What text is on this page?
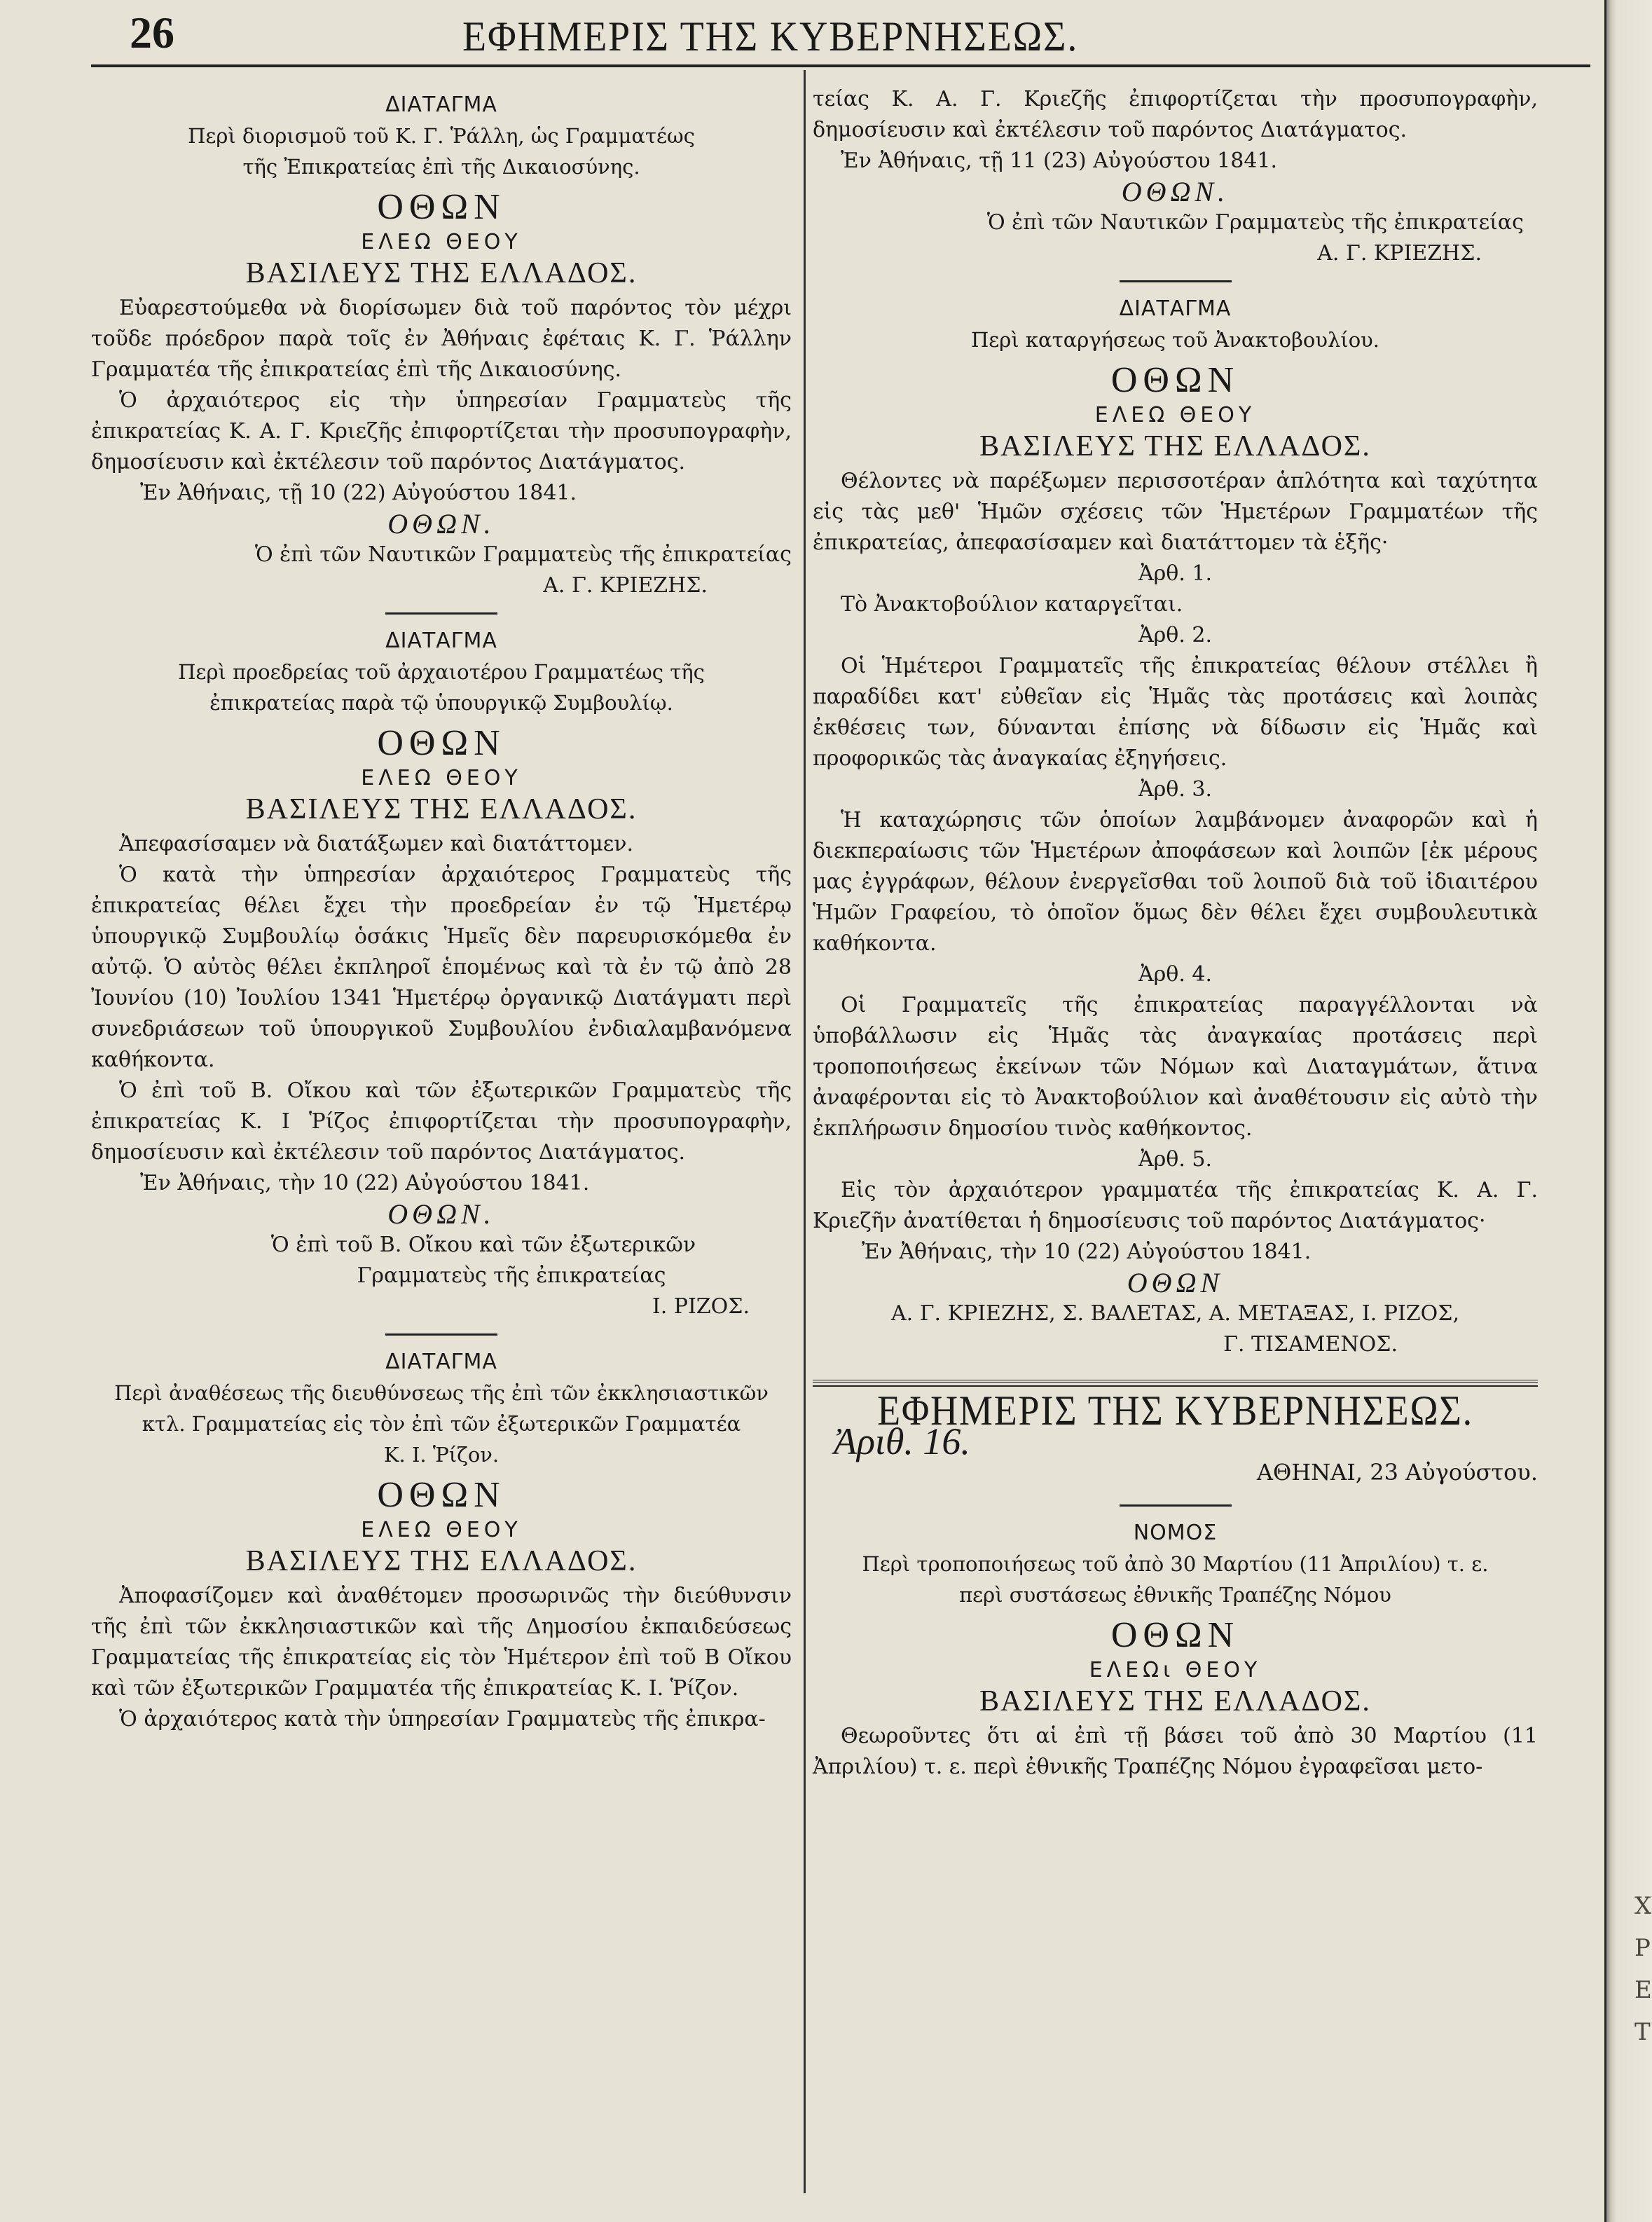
26	ΕΦΗΜΕΡΙΣ ΤΗΣ ΚΥΒΕΡΝΗΣΕΩΣ.
ΔΙΑΤΑΓΜΑ
Περὶ διορισμοῦ τοῦ Κ. Γ. Ῥάλλη, ὡς Γραμματέως
τῆς Ἐπικρατείας ἐπὶ τῆς Δικαιοσύνης.
ΟΘΩΝ
ΕΛΕΩ ΘΕΟΥ
ΒΑΣΙΛΕΥΣ ΤΗΣ ΕΛΛΑΔΟΣ.

Εὐαρεστούμεθα νὰ διορίσωμεν διὰ τοῦ παρόντος τὸν μέχρι τοῦδε πρόεδρον παρὰ τοῖς ἐν Ἀθήναις ἐφέταις Κ. Γ. Ῥάλλην Γραμματέα τῆς ἐπικρατείας ἐπὶ τῆς Δικαιοσύνης.

Ὁ ἀρχαιότερος εἰς τὴν ὑπηρεσίαν Γραμματεὺς τῆς ἐπικρατείας Κ. Α. Γ. Κριεζῆς ἐπιφορτίζεται τὴν προσυπογραφὴν, δημοσίευσιν καὶ ἐκτέλεσιν τοῦ παρόντος Διατάγματος.

Ἐν Ἀθήναις, τῇ 10 (22) Αὐγούστου 1841.

ΟΘΩΝ.

Ὁ ἐπὶ τῶν Ναυτικῶν Γραμματεὺς τῆς ἐπικρατείας

Α. Γ. ΚΡΙΕΖΗΣ.

ΔΙΑΤΑΓΜΑ
Περὶ προεδρείας τοῦ ἀρχαιοτέρου Γραμματέως τῆς
ἐπικρατείας παρὰ τῷ ὑπουργικῷ Συμβουλίῳ.
ΟΘΩΝ
ΕΛΕΩ ΘΕΟΥ
ΒΑΣΙΛΕΥΣ ΤΗΣ ΕΛΛΑΔΟΣ.

Ἀπεφασίσαμεν νὰ διατάξωμεν καὶ διατάττομεν.

Ὁ κατὰ τὴν ὑπηρεσίαν ἀρχαιότερος Γραμματεὺς τῆς ἐπικρατείας θέλει ἔχει τὴν προεδρείαν ἐν τῷ Ἡμετέρῳ ὑπουργικῷ Συμβουλίῳ ὁσάκις Ἡμεῖς δὲν παρευρισκόμεθα ἐν αὐτῷ. Ὁ αὐτὸς θέλει ἐκπληροῖ ἑπομένως καὶ τὰ ἐν τῷ ἀπὸ 28 Ἰουνίου (10) Ἰουλίου 1341 Ἡμετέρῳ ὀργανικῷ Διατάγματι περὶ συνεδριάσεων τοῦ ὑπουργικοῦ Συμβουλίου ἐνδιαλαμβανόμενα καθήκοντα.

Ὁ ἐπὶ τοῦ Β. Οἴκου καὶ τῶν ἐξωτερικῶν Γραμματεὺς τῆς ἐπικρατείας Κ. Ι Ῥίζος ἐπιφορτίζεται τὴν προσυπογραφὴν, δημοσίευσιν καὶ ἐκτέλεσιν τοῦ παρόντος Διατάγματος.

Ἐν Ἀθήναις, τὴν 10 (22) Αὐγούστου 1841.

ΟΘΩΝ.

Ὁ ἐπὶ τοῦ Β. Οἴκου καὶ τῶν ἐξωτερικῶν

Γραμματεὺς τῆς ἐπικρατείας

Ι. ΡΙΖΟΣ.

ΔΙΑΤΑΓΜΑ
Περὶ ἀναθέσεως τῆς διευθύνσεως τῆς ἐπὶ τῶν ἐκκλησιαστικῶν
κτλ. Γραμματείας εἰς τὸν ἐπὶ τῶν ἐξωτερικῶν Γραμματέα
Κ. Ι. Ῥίζον.
ΟΘΩΝ
ΕΛΕΩ ΘΕΟΥ
ΒΑΣΙΛΕΥΣ ΤΗΣ ΕΛΛΑΔΟΣ.

Ἀποφασίζομεν καὶ ἀναθέτομεν προσωρινῶς τὴν διεύθυνσιν τῆς ἐπὶ τῶν ἐκκλησιαστικῶν καὶ τῆς Δημοσίου ἐκπαιδεύσεως Γραμματείας τῆς ἐπικρατείας εἰς τὸν Ἡμέτερον ἐπὶ τοῦ Β Οἴκου καὶ τῶν ἐξωτερικῶν Γραμματέα τῆς ἐπικρατείας Κ. Ι. Ῥίζον.

Ὁ ἀρχαιότερος κατὰ τὴν ὑπηρεσίαν Γραμματεὺς τῆς ἐπικρα-

τείας Κ. Α. Γ. Κριεζῆς ἐπιφορτίζεται τὴν προσυπογραφὴν, δημοσίευσιν καὶ ἐκτέλεσιν τοῦ παρόντος Διατάγματος.

Ἐν Ἀθήναις, τῇ 11 (23) Αὐγούστου 1841.

ΟΘΩΝ.

Ὁ ἐπὶ τῶν Ναυτικῶν Γραμματεὺς τῆς ἐπικρατείας

Α. Γ. ΚΡΙΕΖΗΣ.

ΔΙΑΤΑΓΜΑ
Περὶ καταργήσεως τοῦ Ἀνακτοβουλίου.
ΟΘΩΝ
ΕΛΕΩ ΘΕΟΥ
ΒΑΣΙΛΕΥΣ ΤΗΣ ΕΛΛΑΔΟΣ.

Θέλοντες νὰ παρέξωμεν περισσοτέραν ἁπλότητα καὶ ταχύτητα εἰς τὰς μεθ' Ἡμῶν σχέσεις τῶν Ἡμετέρων Γραμματέων τῆς ἐπικρατείας, ἀπεφασίσαμεν καὶ διατάττομεν τὰ ἑξῆς·

Ἀρθ. 1.

Τὸ Ἀνακτοβούλιον καταργεῖται.

Ἀρθ. 2.

Οἱ Ἡμέτεροι Γραμματεῖς τῆς ἐπικρατείας θέλουν στέλλει ἢ παραδίδει κατ' εὐθεῖαν εἰς Ἡμᾶς τὰς προτάσεις καὶ λοιπὰς ἐκθέσεις των, δύνανται ἐπίσης νὰ δίδωσιν εἰς Ἡμᾶς καὶ προφορικῶς τὰς ἀναγκαίας ἐξηγήσεις.

Ἀρθ. 3.

Ἡ καταχώρησις τῶν ὁποίων λαμβάνομεν ἀναφορῶν καὶ ἡ διεκπεραίωσις τῶν Ἡμετέρων ἀποφάσεων καὶ λοιπῶν [ἐκ μέρους μας ἐγγράφων, θέλουν ἐνεργεῖσθαι τοῦ λοιποῦ διὰ τοῦ ἰδιαιτέρου Ἡμῶν Γραφείου, τὸ ὁποῖον ὅμως δὲν θέλει ἔχει συμβουλευτικὰ καθήκοντα.

Ἀρθ. 4.

Οἱ Γραμματεῖς τῆς ἐπικρατείας παραγγέλλονται νὰ ὑποβάλλωσιν εἰς Ἡμᾶς τὰς ἀναγκαίας προτάσεις περὶ τροποποιήσεως ἐκείνων τῶν Νόμων καὶ Διαταγμάτων, ἅτινα ἀναφέρονται εἰς τὸ Ἀνακτοβούλιον καὶ ἀναθέτουσιν εἰς αὐτὸ τὴν ἐκπλήρωσιν δημοσίου τινὸς καθήκοντος.

Ἀρθ. 5.

Εἰς τὸν ἀρχαιότερον γραμματέα τῆς ἐπικρατείας Κ. Α. Γ. Κριεζῆν ἀνατίθεται ἡ δημοσίευσις τοῦ παρόντος Διατάγματος·

Ἐν Ἀθήναις, τὴν 10 (22) Αὐγούστου 1841.

ΟΘΩΝ

Α. Γ. ΚΡΙΕΖΗΣ, Σ. ΒΑΛΕΤΑΣ, Α. ΜΕΤΑΞΑΣ, Ι. ΡΙΖΟΣ,

Γ. ΤΙΣΑΜΕΝΟΣ.

ΕΦΗΜΕΡΙΣ ΤΗΣ ΚΥΒΕΡΝΗΣΕΩΣ.
Ἀριθ. 16.
ΑΘΗΝΑΙ, 23 Αὐγούστου.
ΝΟΜΟΣ
Περὶ τροποποιήσεως τοῦ ἀπὸ 30 Μαρτίου (11 Ἀπριλίου) τ. ε.
περὶ συστάσεως ἐθνικῆς Τραπέζης Νόμου
ΟΘΩΝ
ΕΛΕΩι ΘΕΟΥ
ΒΑΣΙΛΕΥΣ ΤΗΣ ΕΛΛΑΔΟΣ.

Θεωροῦντες ὅτι αἱ ἐπὶ τῇ βάσει τοῦ ἀπὸ 30 Μαρτίου (11 Ἀπριλίου) τ. ε. περὶ ἐθνικῆς Τραπέζης Νόμου ἐγραφεῖσαι μετο-

Χ
Ρ
Ε
Τ
